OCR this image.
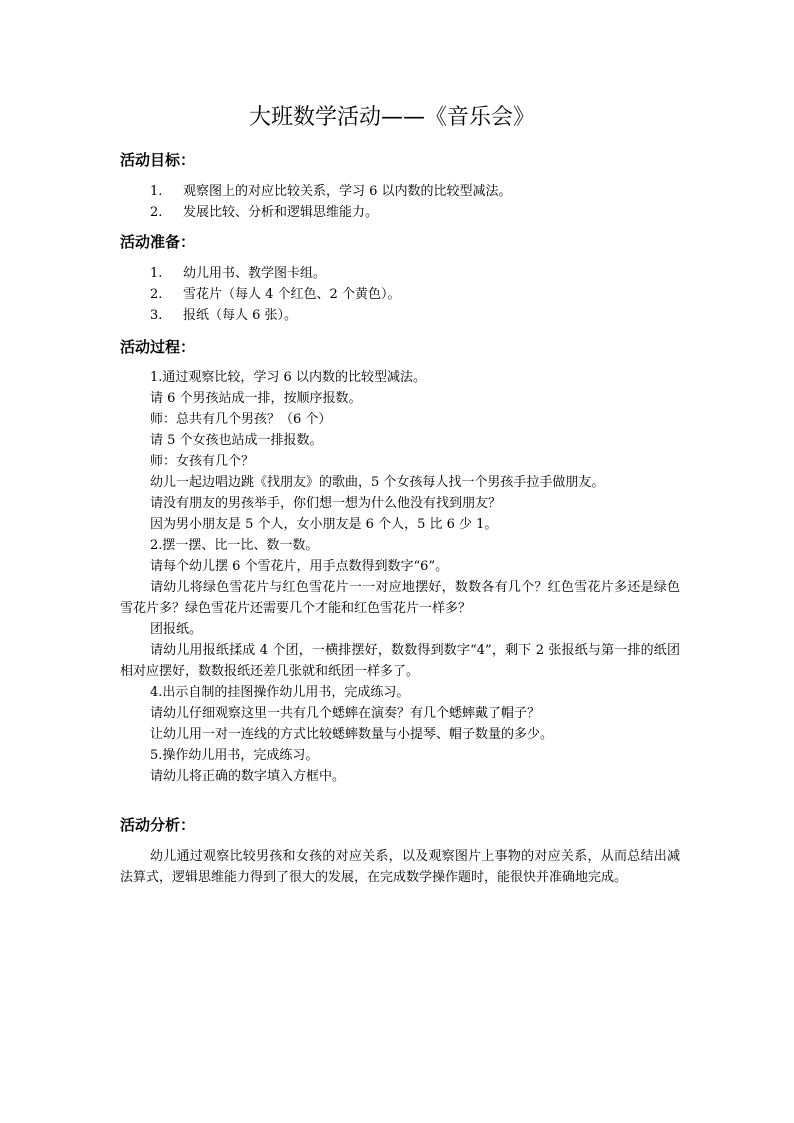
大班数学活动——《音乐会》
活动目标：
1. 观察图上的对应比较关系，学习 6 以内数的比较型减法。
2. 发展比较、分析和逻辑思维能力。
活动准备：
1. 幼儿用书、教学图卡组。
2. 雪花片（每人 4 个红色、2 个黄色）。
3. 报纸（每人 6 张）。
活动过程：

1.通过观察比较，学习 6 以内数的比较型减法。

请 6 个男孩站成一排，按顺序报数。

师：总共有几个男孩？（6 个）

请 5 个女孩也站成一排报数。

师：女孩有几个？

幼儿一起边唱边跳《找朋友》的歌曲，5 个女孩每人找一个男孩手拉手做朋友。

请没有朋友的男孩举手，你们想一想为什么他没有找到朋友？

因为男小朋友是 5 个人，女小朋友是 6 个人，5 比 6 少 1。

2.摆一摆、比一比、数一数。

请每个幼儿摆 6 个雪花片，用手点数得到数字“6”。

请幼儿将绿色雪花片与红色雪花片一一对应地摆好，数数各有几个？红色雪花片多还是绿色雪花片多？绿色雪花片还需要几个才能和红色雪花片一样多？

团报纸。

请幼儿用报纸揉成 4 个团，一横排摆好，数数得到数字“4”，剩下 2 张报纸与第一排的纸团相对应摆好，数数报纸还差几张就和纸团一样多了。

4.出示自制的挂图操作幼儿用书，完成练习。

请幼儿仔细观察这里一共有几个蟋蟀在演奏？有几个蟋蟀戴了帽子？

让幼儿用一对一连线的方式比较蟋蟀数量与小提琴、帽子数量的多少。

5.操作幼儿用书，完成练习。

请幼儿将正确的数字填入方框中。

活动分析：

幼儿通过观察比较男孩和女孩的对应关系，以及观察图片上事物的对应关系，从而总结出减法算式，逻辑思维能力得到了很大的发展，在完成数学操作题时，能很快并准确地完成。
